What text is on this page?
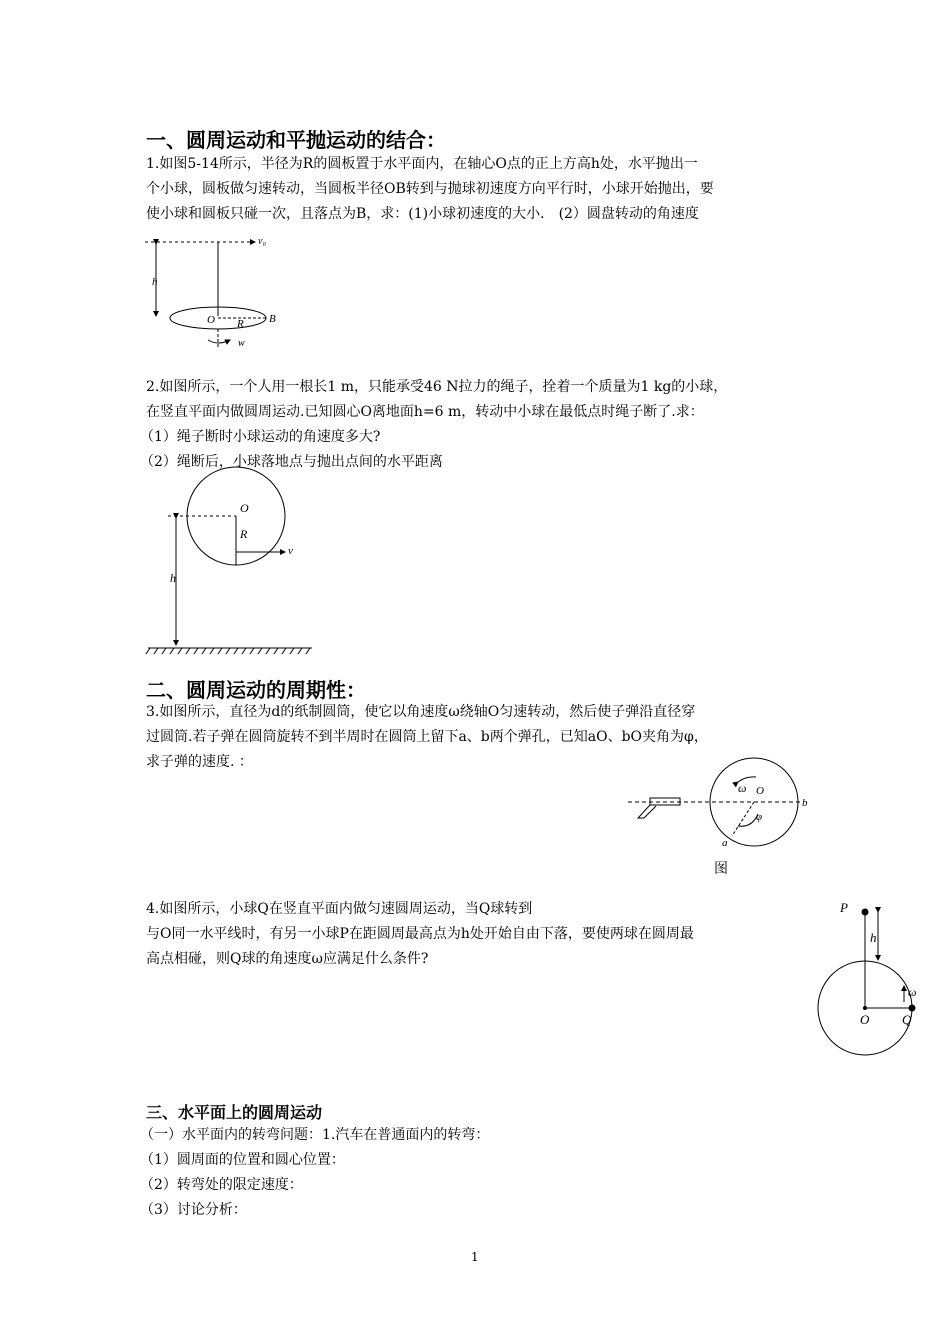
一、圆周运动和平抛运动的结合：
1.如图5-14所示，半径为R的圆板置于水平面内，在轴心O点的正上方高h处，水平抛出一
个小球，圆板做匀速转动，当圆板半径OB转到与抛球初速度方向平行时，小球开始抛出，要
使小球和圆板只碰一次，且落点为B，求：(1)小球初速度的大小． (2）圆盘转动的角速度
v₀
h
O R B
w
2.如图所示，一个人用一根长1 m，只能承受46 N拉力的绳子，拴着一个质量为1 kg的小球，
在竖直平面内做圆周运动.已知圆心O离地面h=6 m，转动中小球在最低点时绳子断了.求：
（1）绳子断时小球运动的角速度多大?
（2）绳断后，小球落地点与抛出点间的水平距离
O
R
v
h
二、圆周运动的周期性：
3.如图所示，直径为d的纸制圆筒，使它以角速度ω绕轴O匀速转动，然后使子弹沿直径穿
过圆筒.若子弹在圆筒旋转不到半周时在圆筒上留下a、b两个弹孔，已知aO、bO夹角为φ，
求子弹的速度. ：
ω O
φ
a
b
图
4.如图所示，小球Q在竖直平面内做匀速圆周运动，当Q球转到
与O同一水平线时，有另一小球P在距圆周最高点为h处开始自由下落，要使两球在圆周最
高点相碰，则Q球的角速度ω应满足什么条件?
P
h
O	Q
ω
三、水平面上的圆周运动
（一）水平面内的转弯问题：1.汽车在普通面内的转弯：
（1）圆周面的位置和圆心位置：
（2）转弯处的限定速度：
（3）讨论分析：
1
